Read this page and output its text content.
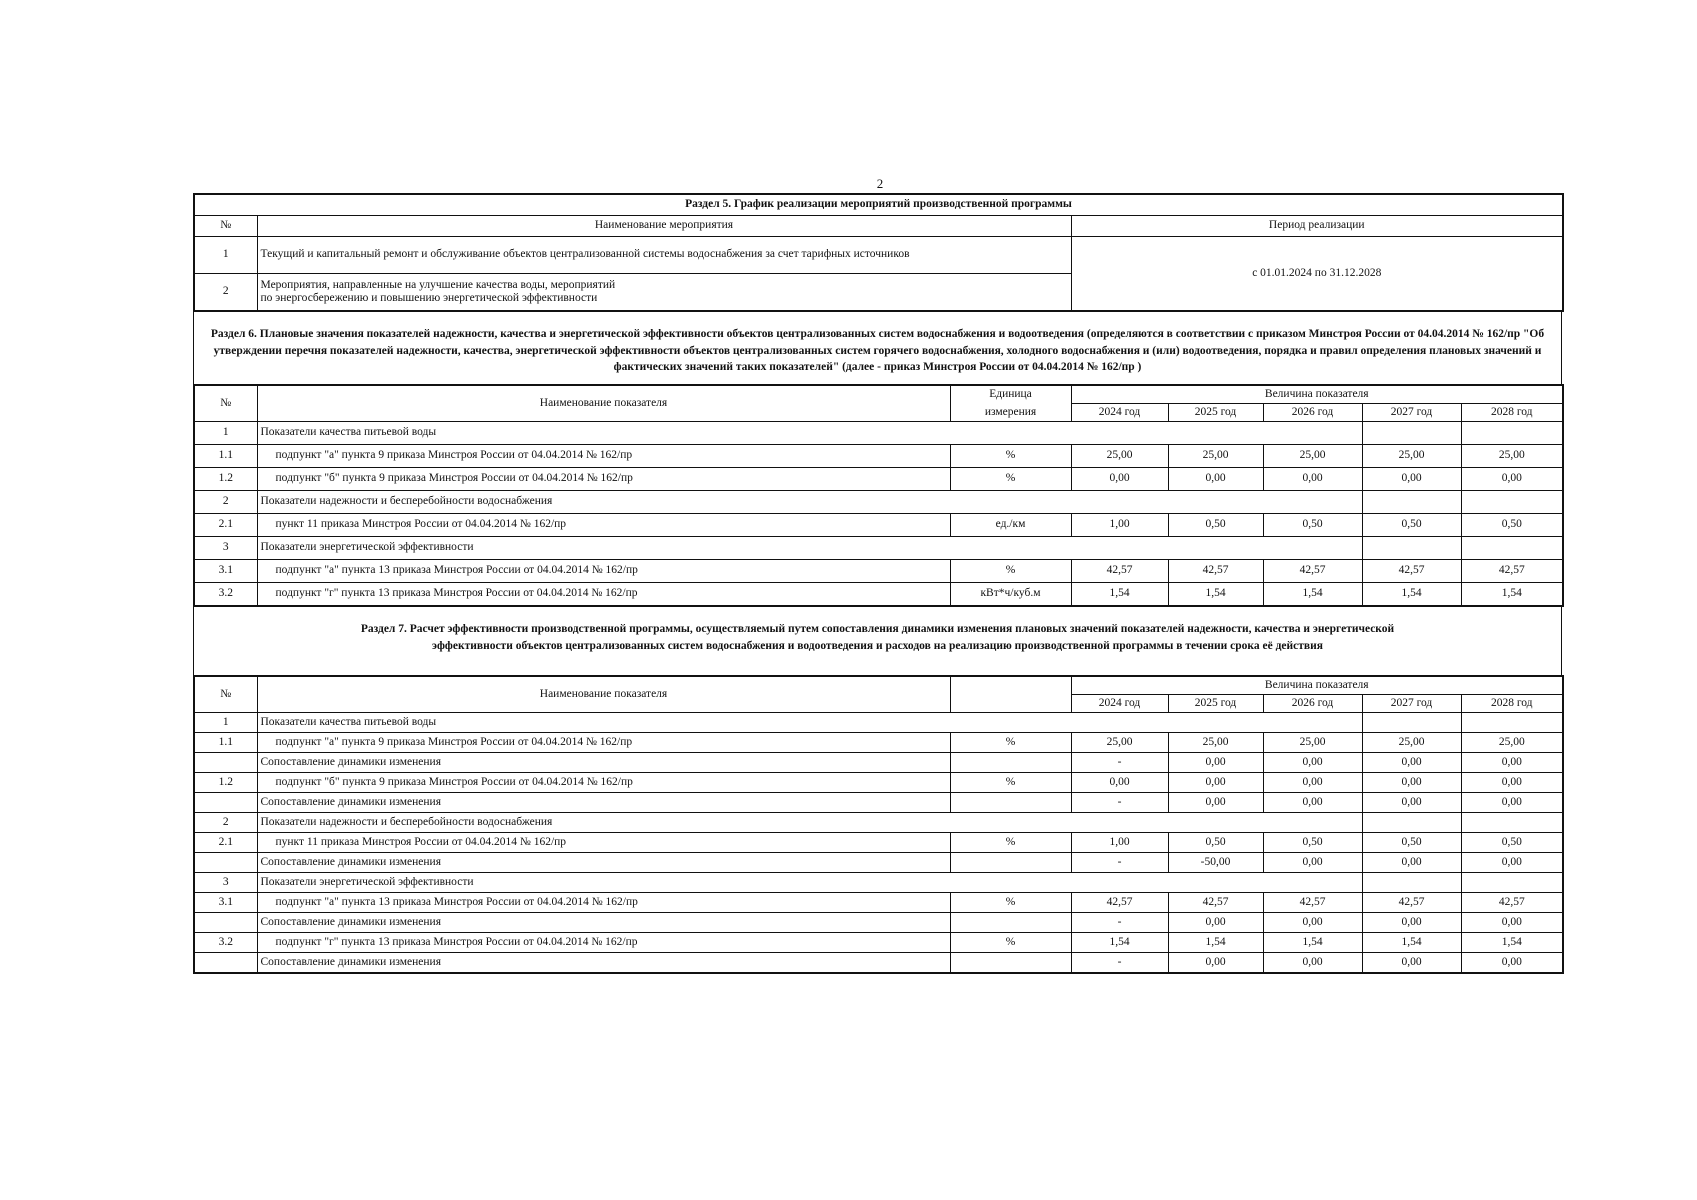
2
Раздел 5. График реализации мероприятий производственной программы		
№	Наименование мероприятия	Период реализации
1	Текущий и капитальный ремонт и обслуживание объектов централизованной системы водоснабжения за счет тарифных источников	с 01.01.2024 по 31.12.2028
2	Мероприятия, направленные на улучшение качества воды, мероприятий
по энергосбережению и повышению энергетической эффективности	
Раздел 6. Плановые значения показателей надежности, качества и энергетической эффективности объектов централизованных систем водоснабжения и водоотведения (определяются в соответствии с приказом Минстроя России от 04.04.2014 № 162/пр "Об утверждении перечня показателей надежности, качества, энергетической эффективности объектов централизованных систем горячего водоснабжения, холодного водоснабжения и (или) водоотведения, порядка и правил определения плановых значений и фактических значений таких показателей" (далее - приказ Минстроя России от 04.04.2014 № 162/пр )
№	Наименование показателя	Единица	Величина показателя				
		измерения	2024 год	2025 год	2026 год	2027 год	2028 год
1	Показатели качества питьевой воды						
1.1	подпункт "а" пункта 9 приказа Минстроя России от 04.04.2014 № 162/пр	%	25,00	25,00	25,00	25,00	25,00
1.2	подпункт "б" пункта 9 приказа Минстроя России от 04.04.2014 № 162/пр	%	0,00	0,00	0,00	0,00	0,00
2	Показатели надежности и бесперебойности водоснабжения						
2.1	пункт 11 приказа Минстроя России от 04.04.2014 № 162/пр	ед./км	1,00	0,50	0,50	0,50	0,50
3	Показатели энергетической эффективности						
3.1	подпункт "а" пункта 13 приказа Минстроя России от 04.04.2014 № 162/пр	%	42,57	42,57	42,57	42,57	42,57
3.2	подпункт "г" пункта 13 приказа Минстроя России от 04.04.2014 № 162/пр	кВт*ч/куб.м	1,54	1,54	1,54	1,54	1,54
Раздел 7. Расчет эффективности производственной программы, осуществляемый путем сопоставления динамики изменения плановых значений показателей надежности, качества и энергетической
эффективности объектов централизованных систем водоснабжения и водоотведения и расходов на реализацию производственной программы в течении срока её действия
№	Наименование показателя		Величина показателя				
			2024 год	2025 год	2026 год	2027 год	2028 год
1	Показатели качества питьевой воды						
1.1	подпункт "а" пункта 9 приказа Минстроя России от 04.04.2014 № 162/пр	%	25,00	25,00	25,00	25,00	25,00
	Сопоставление динамики изменения		-	0,00	0,00	0,00	0,00
1.2	подпункт "б" пункта 9 приказа Минстроя России от 04.04.2014 № 162/пр	%	0,00	0,00	0,00	0,00	0,00
	Сопоставление динамики изменения		-	0,00	0,00	0,00	0,00
2	Показатели надежности и бесперебойности водоснабжения						
2.1	пункт 11 приказа Минстроя России от 04.04.2014 № 162/пр	%	1,00	0,50	0,50	0,50	0,50
	Сопоставление динамики изменения		-	-50,00	0,00	0,00	0,00
3	Показатели энергетической эффективности						
3.1	подпункт "а" пункта 13 приказа Минстроя России от 04.04.2014 № 162/пр	%	42,57	42,57	42,57	42,57	42,57
	Сопоставление динамики изменения		-	0,00	0,00	0,00	0,00
3.2	подпункт "г" пункта 13 приказа Минстроя России от 04.04.2014 № 162/пр	%	1,54	1,54	1,54	1,54	1,54
	Сопоставление динамики изменения		-	0,00	0,00	0,00	0,00
